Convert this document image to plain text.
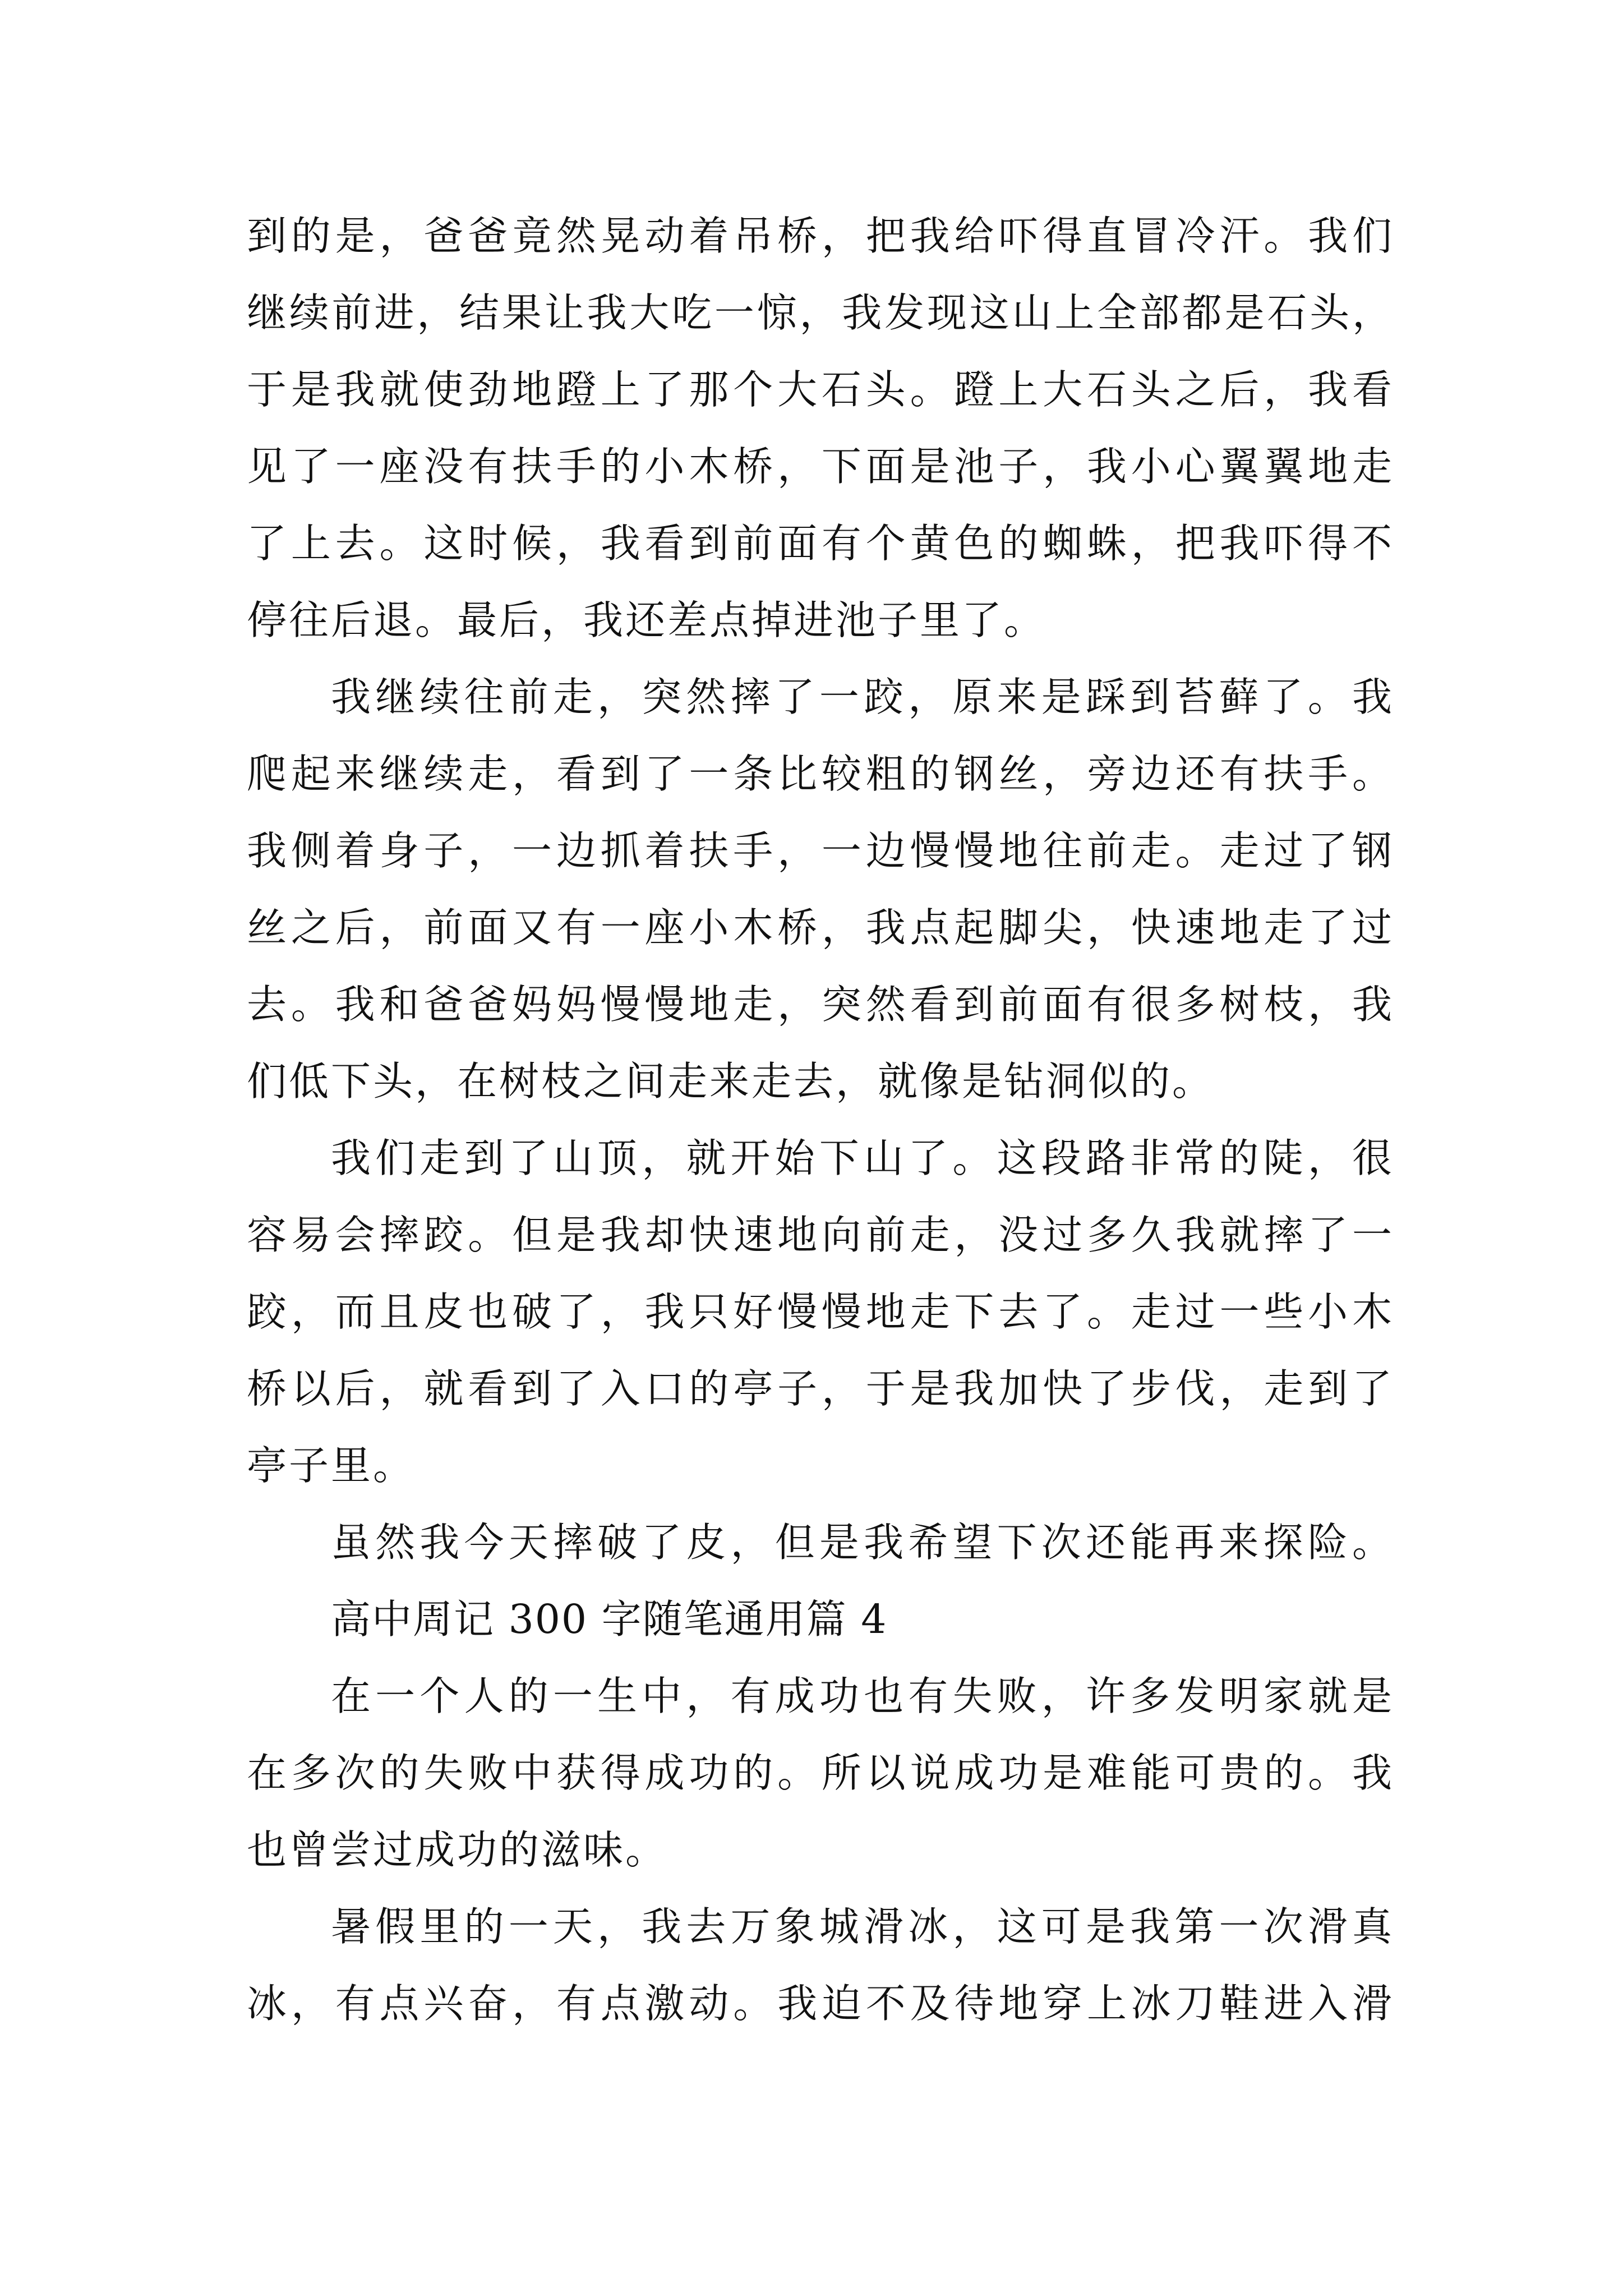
到的是，爸爸竟然晃动着吊桥，把我给吓得直冒冷汗。我们
继续前进，结果让我大吃一惊，我发现这山上全部都是石头，
于是我就使劲地蹬上了那个大石头。蹬上大石头之后，我看
见了一座没有扶手的小木桥，下面是池子，我小心翼翼地走
了上去。这时候，我看到前面有个黄色的蜘蛛，把我吓得不
停往后退。最后，我还差点掉进池子里了。
我继续往前走，突然摔了一跤，原来是踩到苔藓了。我
爬起来继续走，看到了一条比较粗的钢丝，旁边还有扶手。
我侧着身子，一边抓着扶手，一边慢慢地往前走。走过了钢
丝之后，前面又有一座小木桥，我点起脚尖，快速地走了过
去。我和爸爸妈妈慢慢地走，突然看到前面有很多树枝，我
们低下头，在树枝之间走来走去，就像是钻洞似的。
我们走到了山顶，就开始下山了。这段路非常的陡，很
容易会摔跤。但是我却快速地向前走，没过多久我就摔了一
跤，而且皮也破了，我只好慢慢地走下去了。走过一些小木
桥以后，就看到了入口的亭子，于是我加快了步伐，走到了
亭子里。
虽然我今天摔破了皮，但是我希望下次还能再来探险。
高中周记 300 字随笔通用篇 4
在一个人的一生中，有成功也有失败，许多发明家就是
在多次的失败中获得成功的。所以说成功是难能可贵的。我
也曾尝过成功的滋味。
暑假里的一天，我去万象城滑冰，这可是我第一次滑真
冰，有点兴奋，有点激动。我迫不及待地穿上冰刀鞋进入滑
